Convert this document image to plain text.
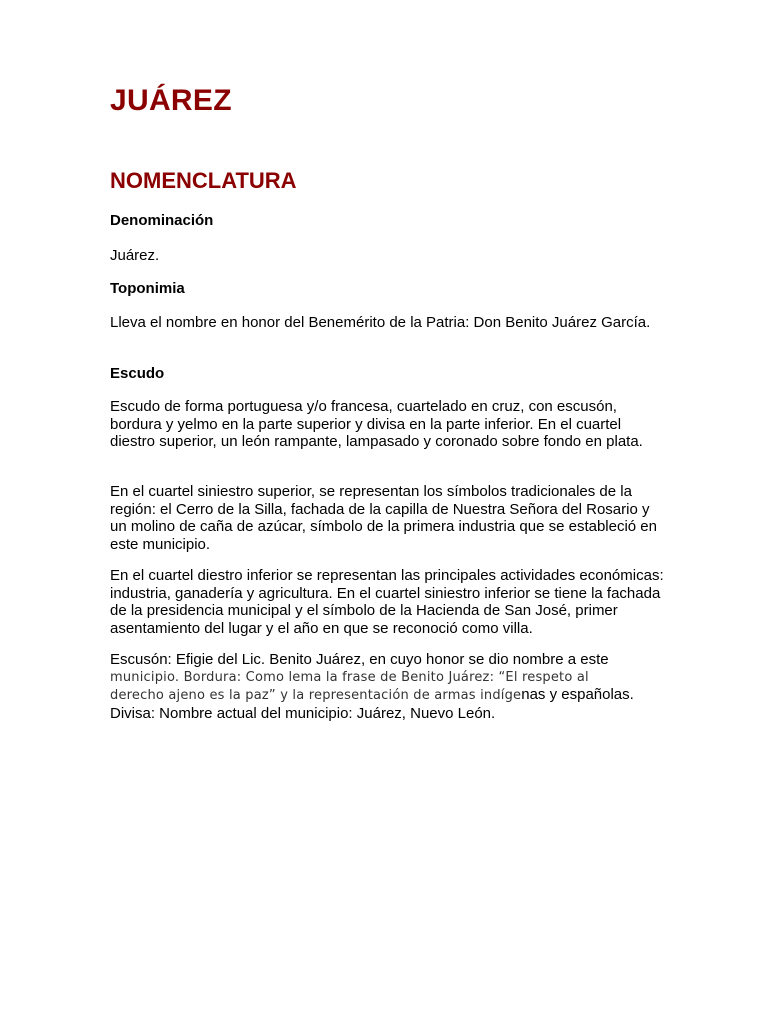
JUÁREZ
NOMENCLATURA
Denominación

Juárez.

Toponimia

Lleva el nombre en honor del Benemérito de la Patria: Don Benito Juárez García.

Escudo

Escudo de forma portuguesa y/o francesa, cuartelado en cruz, con escusón, bordura y yelmo en la parte superior y divisa en la parte inferior. En el cuartel diestro superior, un león rampante, lampasado y coronado sobre fondo en plata.

En el cuartel siniestro superior, se representan los símbolos tradicionales de la región: el Cerro de la Silla, fachada de la capilla de Nuestra Señora del Rosario y un molino de caña de azúcar, símbolo de la primera industria que se estableció en este municipio.

En el cuartel diestro inferior se representan las principales actividades económicas: industria, ganadería y agricultura. En el cuartel siniestro inferior se tiene la fachada de la presidencia municipal y el símbolo de la Hacienda de San José, primer asentamiento del lugar y el año en que se reconoció como villa.

Escusón: Efigie del Lic. Benito Juárez, en cuyo honor se dio nombre a este
municipio. Bordura: Como lema la frase de Benito Juárez: “El respeto al
derecho ajeno es la paz” y la representación de armas indígenas y españolas.
Divisa: Nombre actual del municipio: Juárez, Nuevo León.
